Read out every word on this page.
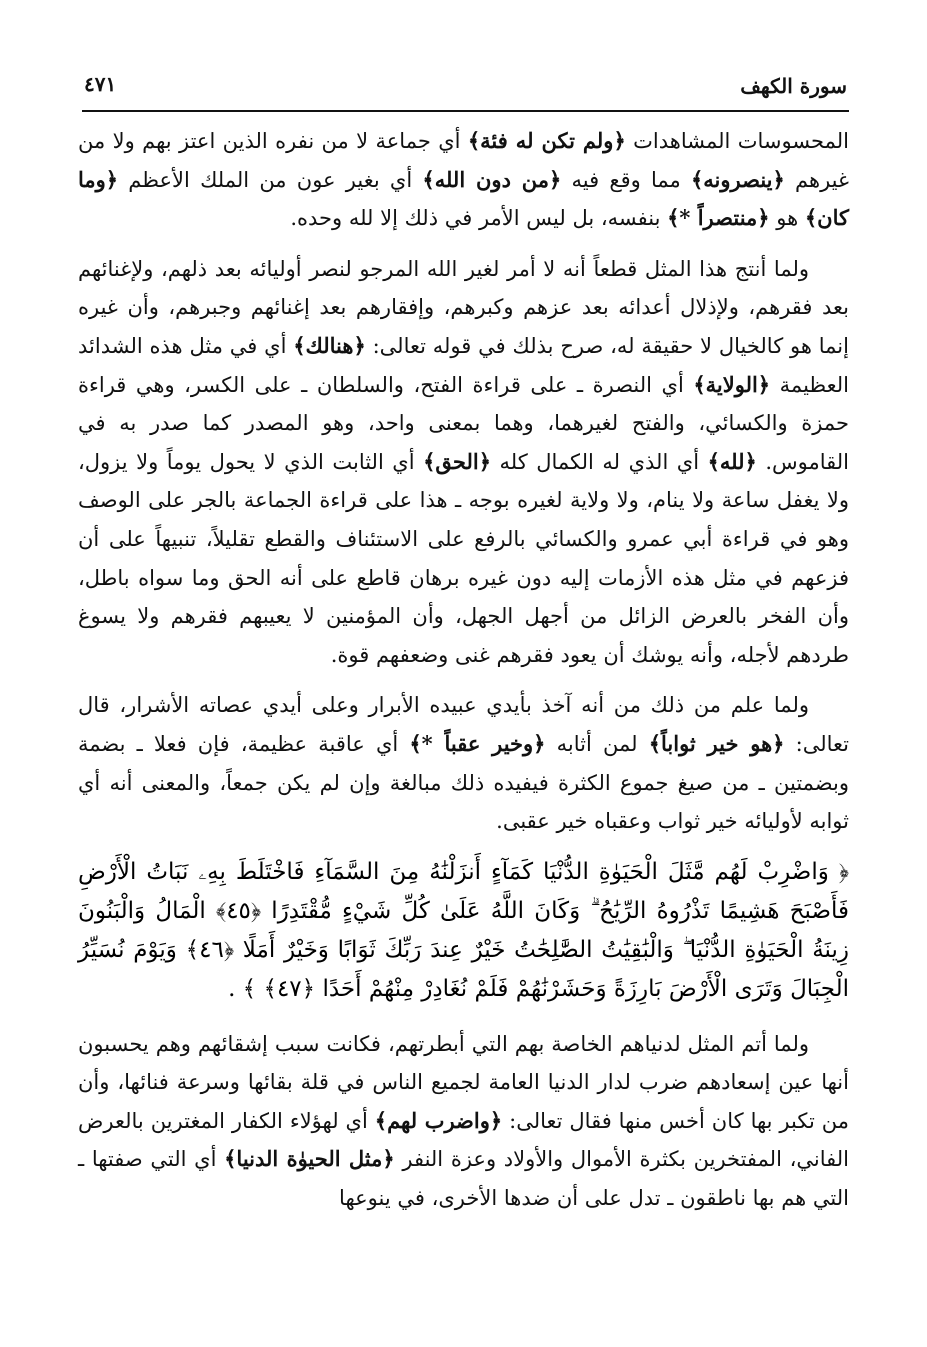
سورة الكهف
٤٧١

المحسوسات المشاهدات ﴿ولم تكن له فئة﴾ أي جماعة لا من نفره الذين اعتز بهم ولا من غيرهم ﴿ينصرونه﴾ مما وقع فيه ﴿من دون الله﴾ أي بغير عون من الملك الأعظم ﴿وما كان﴾ هو ﴿منتصراً *﴾ بنفسه، بل ليس الأمر في ذلك إلا لله وحده.

ولما أنتج هذا المثل قطعاً أنه لا أمر لغير الله المرجو لنصر أوليائه بعد ذلهم، ولإغنائهم بعد فقرهم، ولإذلال أعدائه بعد عزهم وكبرهم، وإفقارهم بعد إغنائهم وجبرهم، وأن غيره إنما هو كالخيال لا حقيقة له، صرح بذلك في قوله تعالى: ﴿هنالك﴾ أي في مثل هذه الشدائد العظيمة ﴿الولاية﴾ أي النصرة ـ على قراءة الفتح، والسلطان ـ على الكسر، وهي قراءة حمزة والكسائي، والفتح لغيرهما، وهما بمعنى واحد، وهو المصدر كما صدر به في القاموس. ﴿لله﴾ أي الذي له الكمال كله ﴿الحق﴾ أي الثابت الذي لا يحول يوماً ولا يزول، ولا يغفل ساعة ولا ينام، ولا ولاية لغيره بوجه ـ هذا على قراءة الجماعة بالجر على الوصف وهو في قراءة أبي عمرو والكسائي بالرفع على الاستئناف والقطع تقليلاً، تنبيهاً على أن فزعهم في مثل هذه الأزمات إليه دون غيره برهان قاطع على أنه الحق وما سواه باطل، وأن الفخر بالعرض الزائل من أجهل الجهل، وأن المؤمنين لا يعيبهم فقرهم ولا يسوغ طردهم لأجله، وأنه يوشك أن يعود فقرهم غنى وضعفهم قوة.

ولما علم من ذلك من أنه آخذ بأيدي عبيده الأبرار وعلى أيدي عصاته الأشرار، قال تعالى: ﴿هو خير ثواباً﴾ لمن أثابه ﴿وخير عقباً *﴾ أي عاقبة عظيمة، فإن فعلا ـ بضمة وبضمتين ـ من صيغ جموع الكثرة فيفيده ذلك مبالغة وإن لم يكن جمعاً، والمعنى أنه أي ثوابه لأوليائه خير ثواب وعقباه خير عقبى.

﴿ وَاضْرِبْ لَهُم مَّثَلَ الْحَيَوٰةِ الدُّنْيَا كَمَآءٍ أَنزَلْنَٰهُ مِنَ السَّمَآءِ فَاخْتَلَطَ بِهِۦ نَبَاتُ الْأَرْضِ فَأَصْبَحَ هَشِيمًا تَذْرُوهُ الرِّيَٰحُ ۗ وَكَانَ اللَّهُ عَلَىٰ كُلِّ شَيْءٍ مُّقْتَدِرًا ﴿٤٥﴾ الْمَالُ وَالْبَنُونَ زِينَةُ الْحَيَوٰةِ الدُّنْيَا ۖ وَالْبَٰقِيَٰتُ الصَّٰلِحَٰتُ خَيْرٌ عِندَ رَبِّكَ ثَوَابًا وَخَيْرٌ أَمَلًا ﴿٤٦﴾ وَيَوْمَ نُسَيِّرُ الْجِبَالَ وَتَرَى الْأَرْضَ بَارِزَةً وَحَشَرْنَٰهُمْ فَلَمْ نُغَادِرْ مِنْهُمْ أَحَدًا ﴿٤٧﴾ ﴾ .

ولما أتم المثل لدنياهم الخاصة بهم التي أبطرتهم، فكانت سبب إشقائهم وهم يحسبون أنها عين إسعادهم ضرب لدار الدنيا العامة لجميع الناس في قلة بقائها وسرعة فنائها، وأن من تكبر بها كان أخس منها فقال تعالى: ﴿واضرب لهم﴾ أي لهؤلاء الكفار المغترين بالعرض الفاني، المفتخرين بكثرة الأموال والأولاد وعزة النفر ﴿مثل الحيوٰة الدنيا﴾ أي التي صفتها ـ التي هم بها ناطقون ـ تدل على أن ضدها الأخرى، في ينوعها
